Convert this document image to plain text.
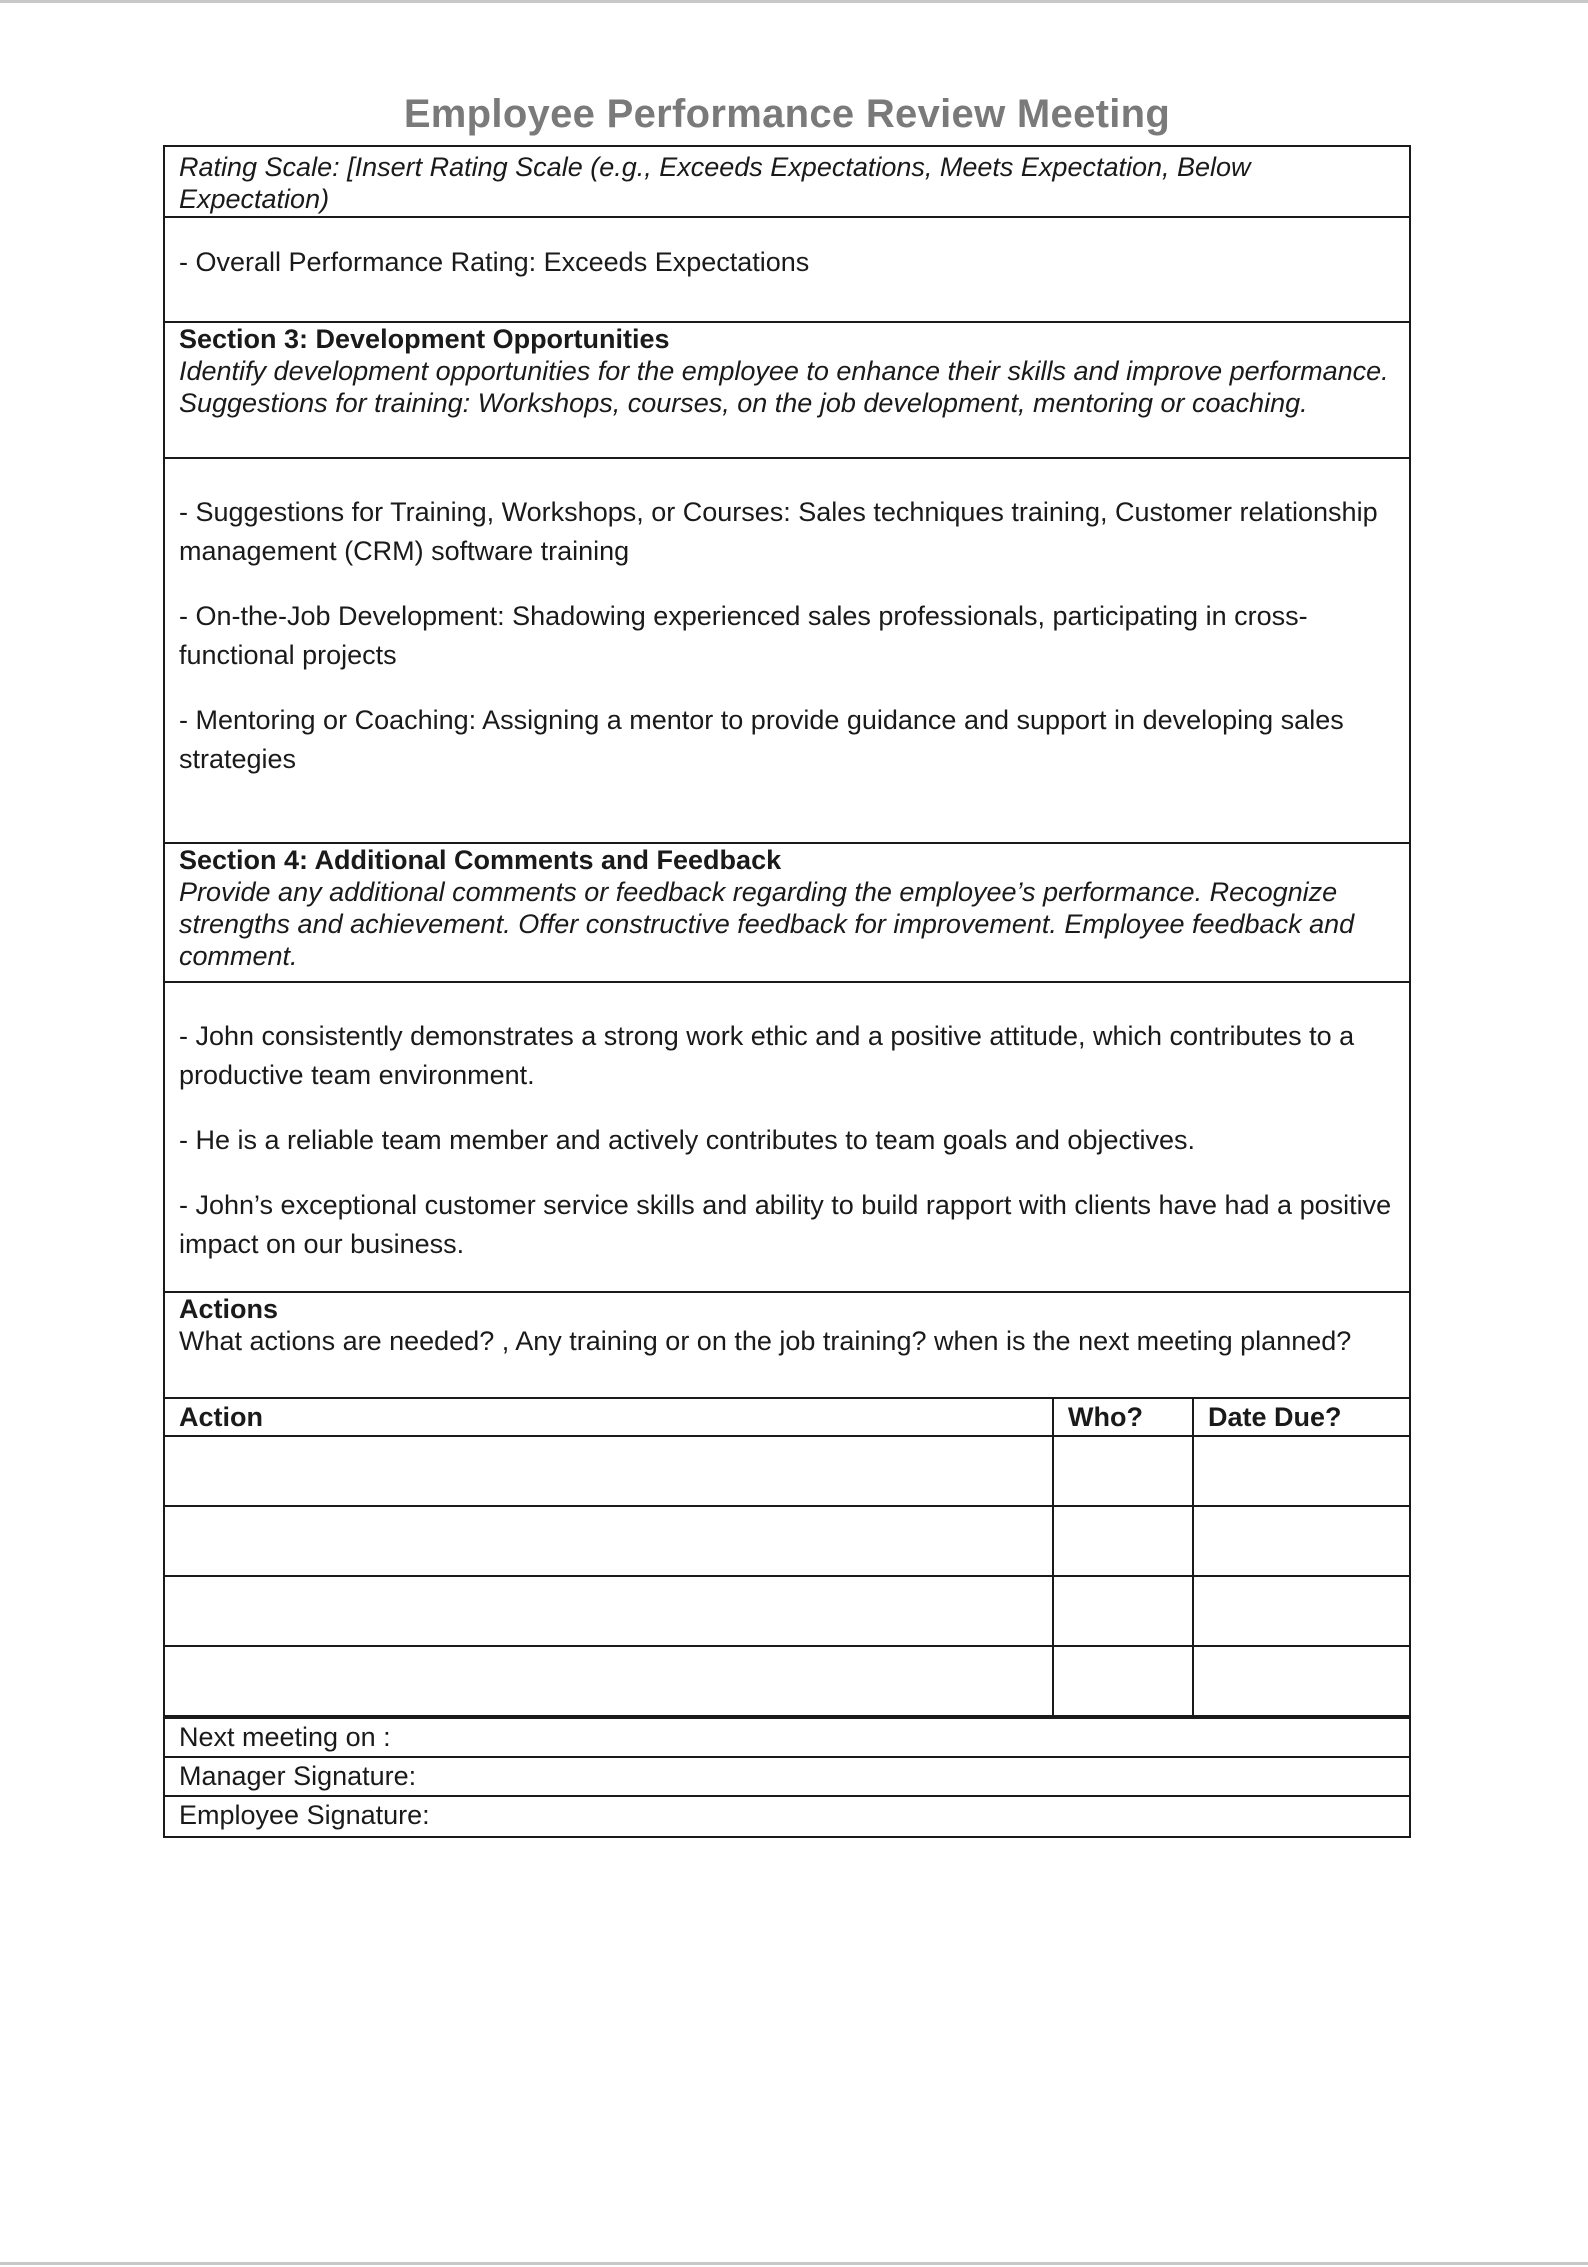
Employee Performance Review Meeting

Rating Scale: [Insert Rating Scale (e.g., Exceeds Expectations, Meets Expectation, Below Expectation)

- Overall Performance Rating: Exceeds Expectations

Section 3: Development Opportunities

Identify development opportunities for the employee to enhance their skills and improve performance. Suggestions for training: Workshops, courses, on the job development, mentoring or coaching.

- Suggestions for Training, Workshops, or Courses: Sales techniques training, Customer relationship management (CRM) software training

- On-the-Job Development: Shadowing experienced sales professionals, participating in cross-functional projects

- Mentoring or Coaching: Assigning a mentor to provide guidance and support in developing sales strategies

Section 4: Additional Comments and Feedback

Provide any additional comments or feedback regarding the employee’s performance. Recognize strengths and achievement. Offer constructive feedback for improvement. Employee feedback and comment.

- John consistently demonstrates a strong work ethic and a positive attitude, which contributes to a productive team environment.

- He is a reliable team member and actively contributes to team goals and objectives.

- John’s exceptional customer service skills and ability to build rapport with clients have had a positive impact on our business.

Actions

What actions are needed? , Any training or on the job training? when is the next meeting planned?

Action	Who?	Date Due?

Next meeting on :
Manager Signature:
Employee Signature:
